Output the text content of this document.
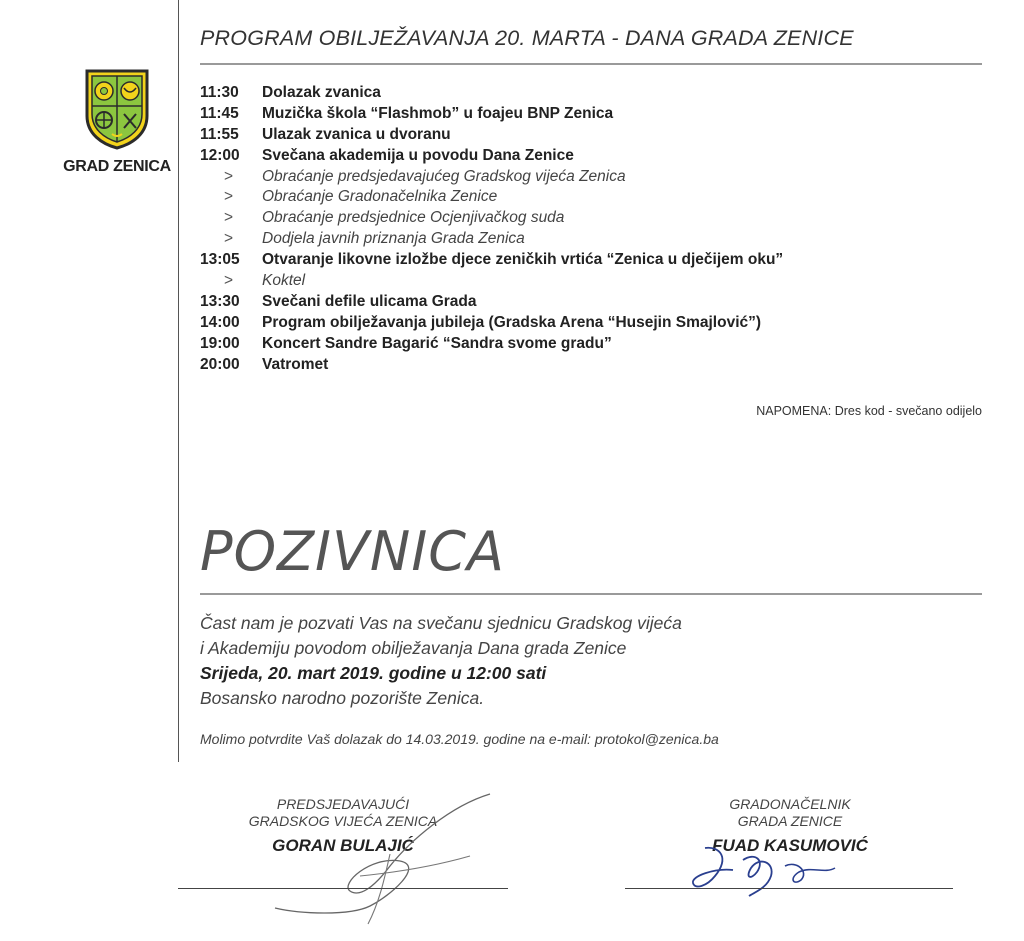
GRAD ZENICA
PROGRAM OBILJEŽAVANJA 20. MARTA - DANA GRADA ZENICE
11:30 Dolazak zvanica
11:45 Muzička škola “Flashmob” u foajeu BNP Zenica
11:55 Ulazak zvanica u dvoranu
12:00 Svečana akademija u povodu Dana Zenice
> Obraćanje predsjedavajućeg Gradskog vijeća Zenica
> Obraćanje Gradonačelnika Zenice
> Obraćanje predsjednice Ocjenjivačkog suda
> Dodjela javnih priznanja Grada Zenica
13:05 Otvaranje likovne izložbe djece zeničkih vrtića “Zenica u dječijem oku”
> Koktel
13:30 Svečani defile ulicama Grada
14:00 Program obilježavanja jubileja (Gradska Arena “Husejin Smajlović”)
19:00 Koncert Sandre Bagarić “Sandra svome gradu”
20:00 Vatromet
NAPOMENA: Dres kod - svečano odijelo
POZIVNICA
Čast nam je pozvati Vas na svečanu sjednicu Gradskog vijeća
i Akademiju povodom obilježavanja Dana grada Zenice
Srijeda, 20. mart 2019. godine u 12:00 sati
Bosansko narodno pozorište Zenica.
Molimo potvrdite Vaš dolazak do 14.03.2019. godine na e-mail: protokol@zenica.ba
PREDSJEDAVAJUĆI
GRADSKOG VIJEĆA ZENICA
GORAN BULAJIĆ
GRADONAČELNIK
GRADA ZENICE
FUAD KASUMOVIĆ
